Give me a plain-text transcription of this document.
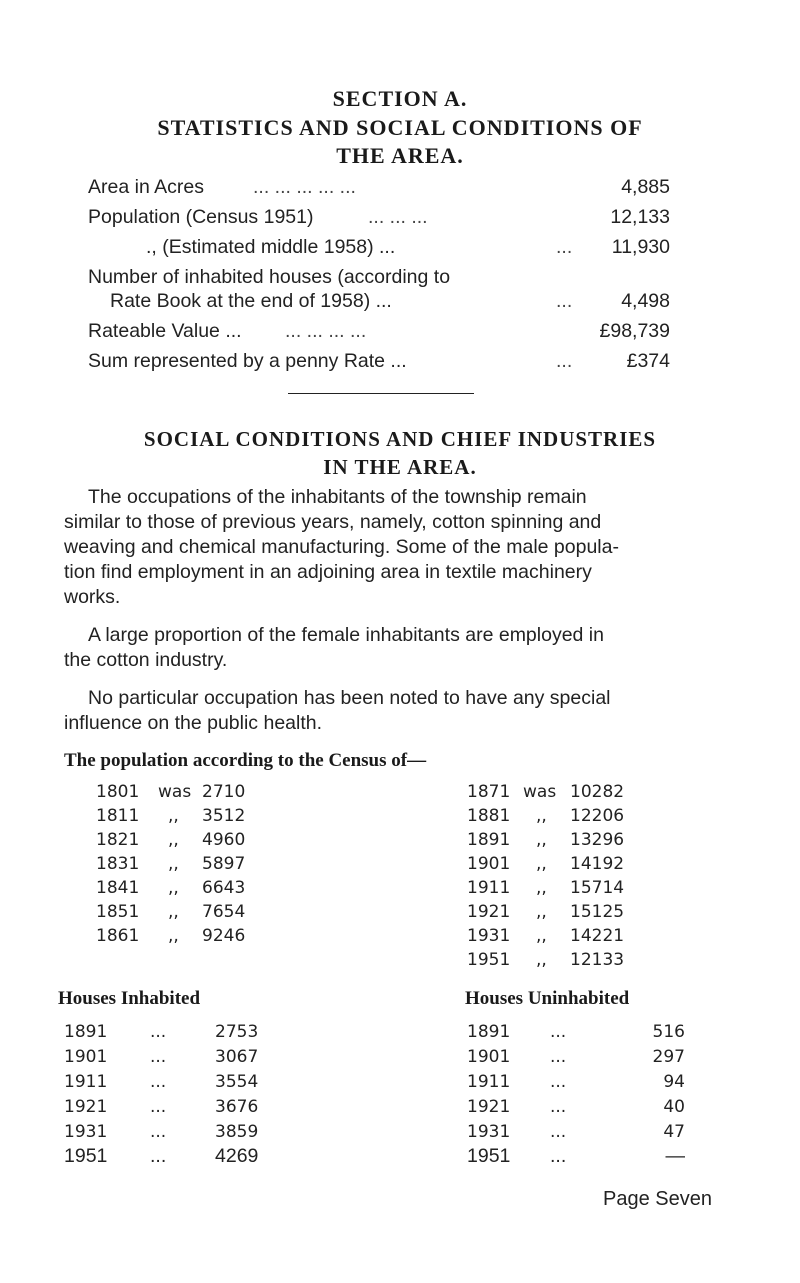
SECTION A.
STATISTICS AND SOCIAL CONDITIONS OF
THE AREA.
Area in Acres	... ... ... ... ...	4,885
Population (Census 1951)	... ... ...	12,133
., (Estimated middle 1958) ...	... 11,930
Number of inhabited houses (according to
Rate Book at the end of 1958) ...	...	4,498
Rateable Value ... ... ... ... ...	£98,739
Sum represented by a penny Rate ...	...	£374
SOCIAL CONDITIONS AND CHIEF INDUSTRIES
IN THE AREA.
The occupations of the inhabitants of the township remain
similar to those of previous years, namely, cotton spinning and
weaving and chemical manufacturing. Some of the male popula-
tion find employment in an adjoining area in textile machinery
works.
A large proportion of the female inhabitants are employed in
the cotton industry.
No particular occupation has been noted to have any special
influence on the public health.
The population according to the Census of—
1801 was 2710
1811 ,, 3512
1821 ,, 4960
1831 ,, 5897
1841 ,, 6643
1851 ,, 7654
1861 ,, 9246
1871 was 10282
1881 ,, 12206
1891 ,, 13296
1901 ,, 14192
1911 ,, 15714
1921 ,, 15125
1931 ,, 14221
1951 ,, 12133
Houses Inhabited	Houses Uninhabited
1891	...	2753
1901	...	3067
1911	...	3554
1921	...	3676
1931	...	3859
1951 ... 4269
1891 ...	516
1901 ...	297
1911 ...	94
1921 ...	40
1931 ...	47
1951 ...	—
Page Seven
